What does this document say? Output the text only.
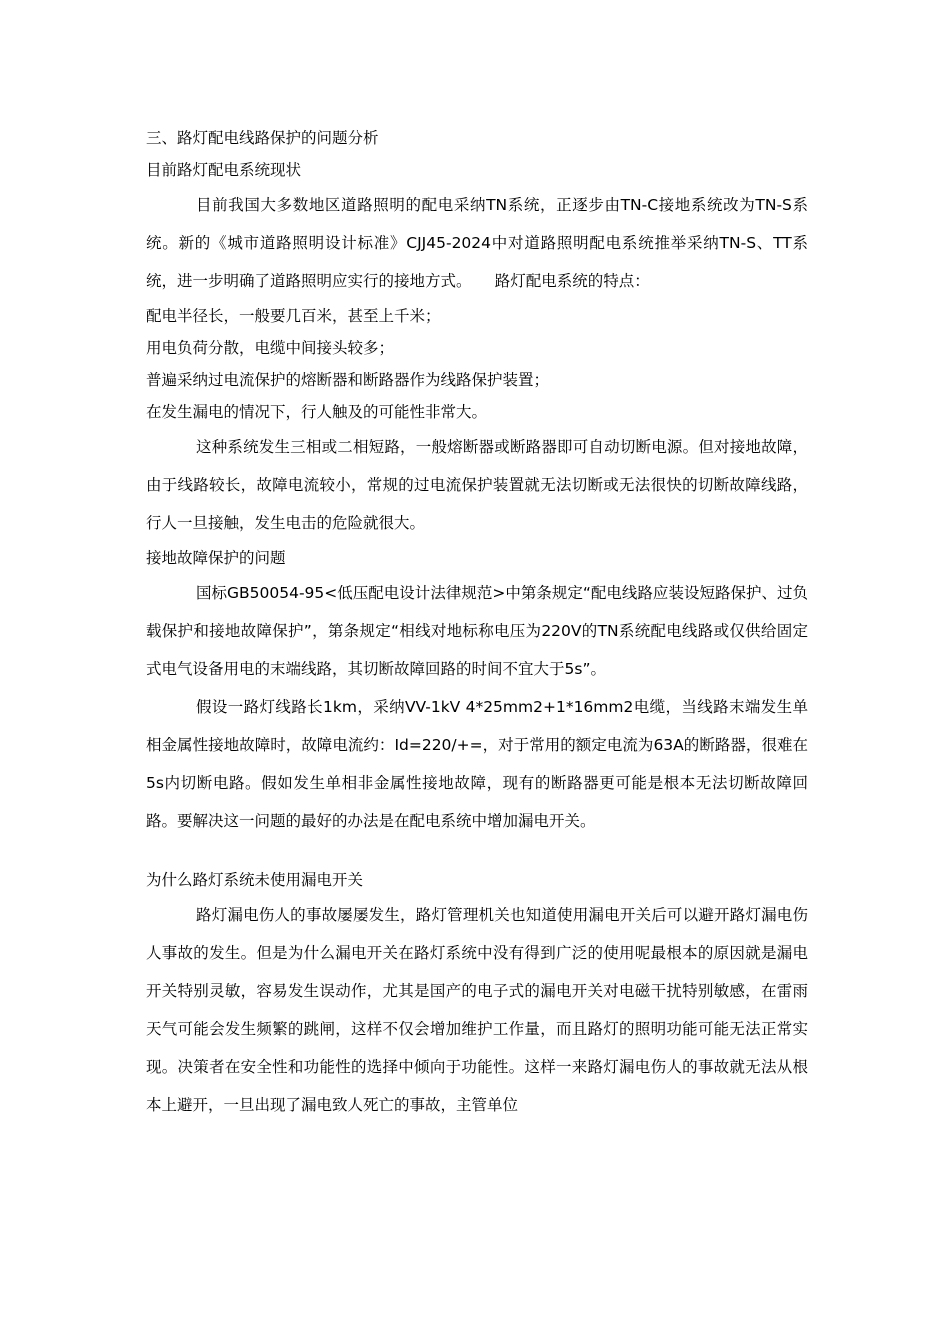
三、路灯配电线路保护的问题分析

目前路灯配电系统现状

目前我国大多数地区道路照明的配电采纳TN系统，正逐步由TN-C接地系统改为TN-S系统。新的《城市道路照明设计标准》CJJ45-2024中对道路照明配电系统推举采纳TN-S、TT系统，进一步明确了道路照明应实行的接地方式。　　路灯配电系统的特点：

配电半径长，一般要几百米，甚至上千米；

用电负荷分散，电缆中间接头较多；

普遍采纳过电流保护的熔断器和断路器作为线路保护装置；

在发生漏电的情况下，行人触及的可能性非常大。

这种系统发生三相或二相短路，一般熔断器或断路器即可自动切断电源。但对接地故障，由于线路较长，故障电流较小，常规的过电流保护装置就无法切断或无法很快的切断故障线路，行人一旦接触，发生电击的危险就很大。

接地故障保护的问题

国标GB50054-95<低压配电设计法律规范>中第条规定“配电线路应装设短路保护、过负载保护和接地故障保护”，第条规定“相线对地标称电压为220V的TN系统配电线路或仅供给固定式电气设备用电的末端线路，其切断故障回路的时间不宜大于5s”。

假设一路灯线路长1km，采纳VV-1kV 4*25mm2+1*16mm2电缆，当线路末端发生单相金属性接地故障时，故障电流约：Id=220/+=，对于常用的额定电流为63A的断路器，很难在5s内切断电路。假如发生单相非金属性接地故障，现有的断路器更可能是根本无法切断故障回路。要解决这一问题的最好的办法是在配电系统中增加漏电开关。

为什么路灯系统未使用漏电开关

路灯漏电伤人的事故屡屡发生，路灯管理机关也知道使用漏电开关后可以避开路灯漏电伤人事故的发生。但是为什么漏电开关在路灯系统中没有得到广泛的使用呢最根本的原因就是漏电开关特别灵敏，容易发生误动作，尤其是国产的电子式的漏电开关对电磁干扰特别敏感，在雷雨天气可能会发生频繁的跳闸，这样不仅会增加维护工作量，而且路灯的照明功能可能无法正常实现。决策者在安全性和功能性的选择中倾向于功能性。这样一来路灯漏电伤人的事故就无法从根本上避开，一旦出现了漏电致人死亡的事故，主管单位
